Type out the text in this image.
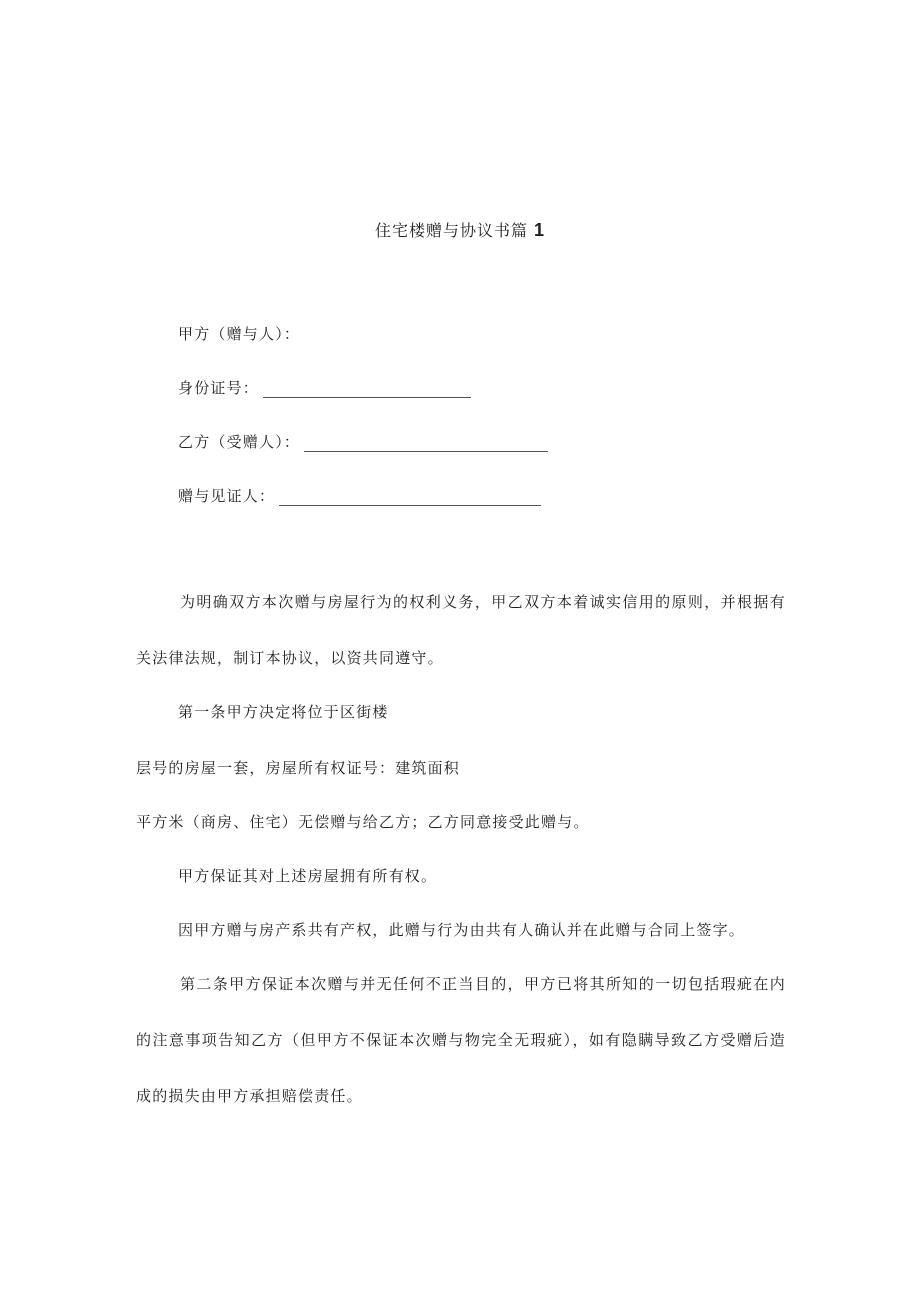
住宅楼赠与协议书篇 1
甲方（赠与人）：
身份证号：
乙方（受赠人）：
赠与见证人：
为明确双方本次赠与房屋行为的权利义务，甲乙双方本着诚实信用的原则，并根据有关法律法规，制订本协议，以资共同遵守。
第一条甲方决定将位于区街楼
层号的房屋一套，房屋所有权证号：建筑面积
平方米（商房、住宅）无偿赠与给乙方；乙方同意接受此赠与。
甲方保证其对上述房屋拥有所有权。
因甲方赠与房产系共有产权，此赠与行为由共有人确认并在此赠与合同上签字。
第二条甲方保证本次赠与并无任何不正当目的，甲方已将其所知的一切包括瑕疵在内的注意事项告知乙方（但甲方不保证本次赠与物完全无瑕疵），如有隐瞒导致乙方受赠后造成的损失由甲方承担赔偿责任。
